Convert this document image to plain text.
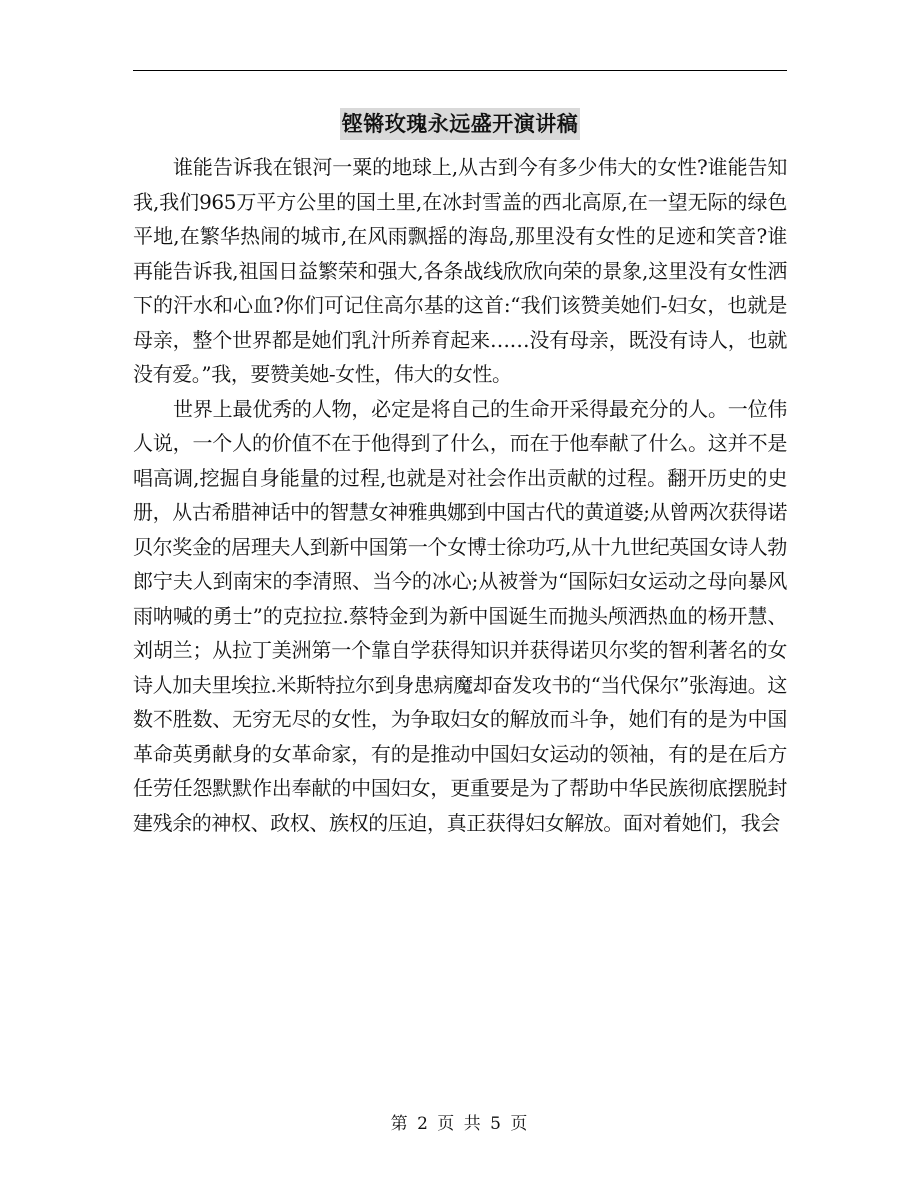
铿锵玫瑰永远盛开演讲稿

谁能告诉我在银河一粟的地球上,从古到今有多少伟大的女性?谁能告知我,我们965万平方公里的国土里,在冰封雪盖的西北高原,在一望无际的绿色平地,在繁华热闹的城市,在风雨飘摇的海岛,那里没有女性的足迹和笑音?谁再能告诉我,祖国日益繁荣和强大,各条战线欣欣向荣的景象,这里没有女性洒下的汗水和心血?你们可记住高尔基的这首:“我们该赞美她们-妇女，也就是母亲，整个世界都是她们乳汁所养育起来……没有母亲，既没有诗人，也就没有爱。”我，要赞美她-女性，伟大的女性。

世界上最优秀的人物，必定是将自己的生命开采得最充分的人。一位伟人说，一个人的价值不在于他得到了什么，而在于他奉献了什么。这并不是唱高调,挖掘自身能量的过程,也就是对社会作出贡献的过程。翻开历史的史册，从古希腊神话中的智慧女神雅典娜到中国古代的黄道婆;从曾两次获得诺贝尔奖金的居理夫人到新中国第一个女博士徐功巧,从十九世纪英国女诗人勃郎宁夫人到南宋的李清照、当今的冰心;从被誉为“国际妇女运动之母向暴风雨呐喊的勇士”的克拉拉.蔡特金到为新中国诞生而抛头颅洒热血的杨开慧、刘胡兰；从拉丁美洲第一个靠自学获得知识并获得诺贝尔奖的智利著名的女诗人加夫里埃拉.米斯特拉尔到身患病魔却奋发攻书的“当代保尔”张海迪。这数不胜数、无穷无尽的女性，为争取妇女的解放而斗争，她们有的是为中国革命英勇献身的女革命家，有的是推动中国妇女运动的领袖，有的是在后方任劳任怨默默作出奉献的中国妇女，更重要是为了帮助中华民族彻底摆脱封建残余的神权、政权、族权的压迫，真正获得妇女解放。面对着她们，我会

第 2 页 共 5 页
